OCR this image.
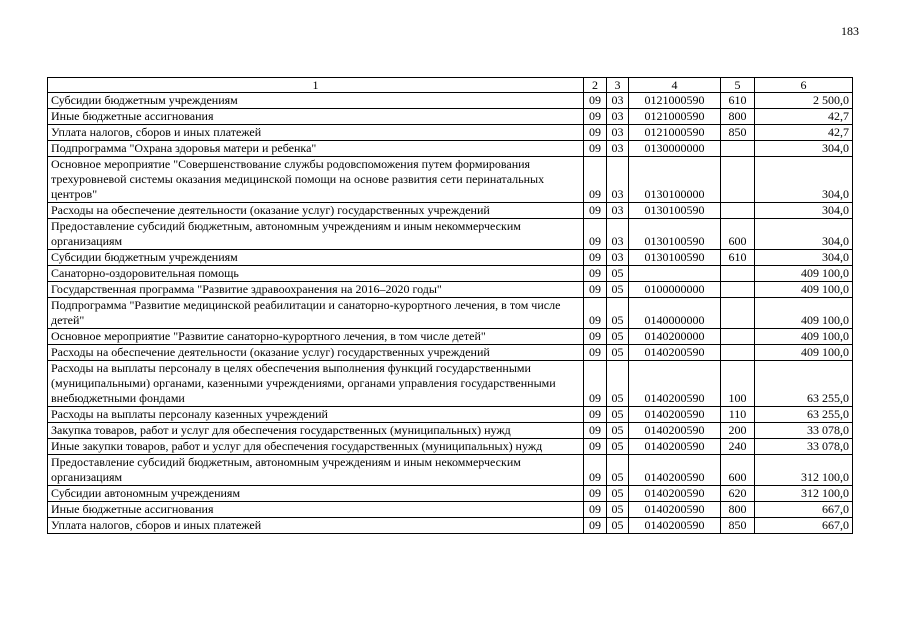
183
1	2	3	4	5	6
Субсидии бюджетным учреждениям	09	03	0121000590	610	2 500,0
Иные бюджетные ассигнования	09	03	0121000590	800	42,7
Уплата налогов, сборов и иных платежей	09	03	0121000590	850	42,7
Подпрограмма "Охрана здоровья матери и ребенка"	09	03	0130000000		304,0
Основное мероприятие "Совершенствование службы родовспоможения путем формирования трехуровневой системы оказания медицинской помощи на основе развития сети перинатальных центров"	09	03	0130100000		304,0
Расходы на обеспечение деятельности (оказание услуг) государственных учреждений	09	03	0130100590		304,0
Предоставление субсидий бюджетным, автономным учреждениям и иным некоммерческим организациям	09	03	0130100590	600	304,0
Субсидии бюджетным учреждениям	09	03	0130100590	610	304,0
Санаторно-оздоровительная помощь	09	05			409 100,0
Государственная программа "Развитие здравоохранения на 2016–2020 годы"	09	05	0100000000		409 100,0
Подпрограмма "Развитие медицинской реабилитации и санаторно-курортного лечения, в том числе детей"	09	05	0140000000		409 100,0
Основное мероприятие "Развитие санаторно-курортного лечения, в том числе детей"	09	05	0140200000		409 100,0
Расходы на обеспечение деятельности (оказание услуг) государственных учреждений	09	05	0140200590		409 100,0
Расходы на выплаты персоналу в целях обеспечения выполнения функций государственными (муниципальными) органами, казенными учреждениями, органами управления государственными внебюджетными фондами	09	05	0140200590	100	63 255,0
Расходы на выплаты персоналу казенных учреждений	09	05	0140200590	110	63 255,0
Закупка товаров, работ и услуг для обеспечения государственных (муниципальных) нужд	09	05	0140200590	200	33 078,0
Иные закупки товаров, работ и услуг для обеспечения государственных (муниципальных) нужд	09	05	0140200590	240	33 078,0
Предоставление субсидий бюджетным, автономным учреждениям и иным некоммерческим организациям	09	05	0140200590	600	312 100,0
Субсидии автономным учреждениям	09	05	0140200590	620	312 100,0
Иные бюджетные ассигнования	09	05	0140200590	800	667,0
Уплата налогов, сборов и иных платежей	09	05	0140200590	850	667,0
